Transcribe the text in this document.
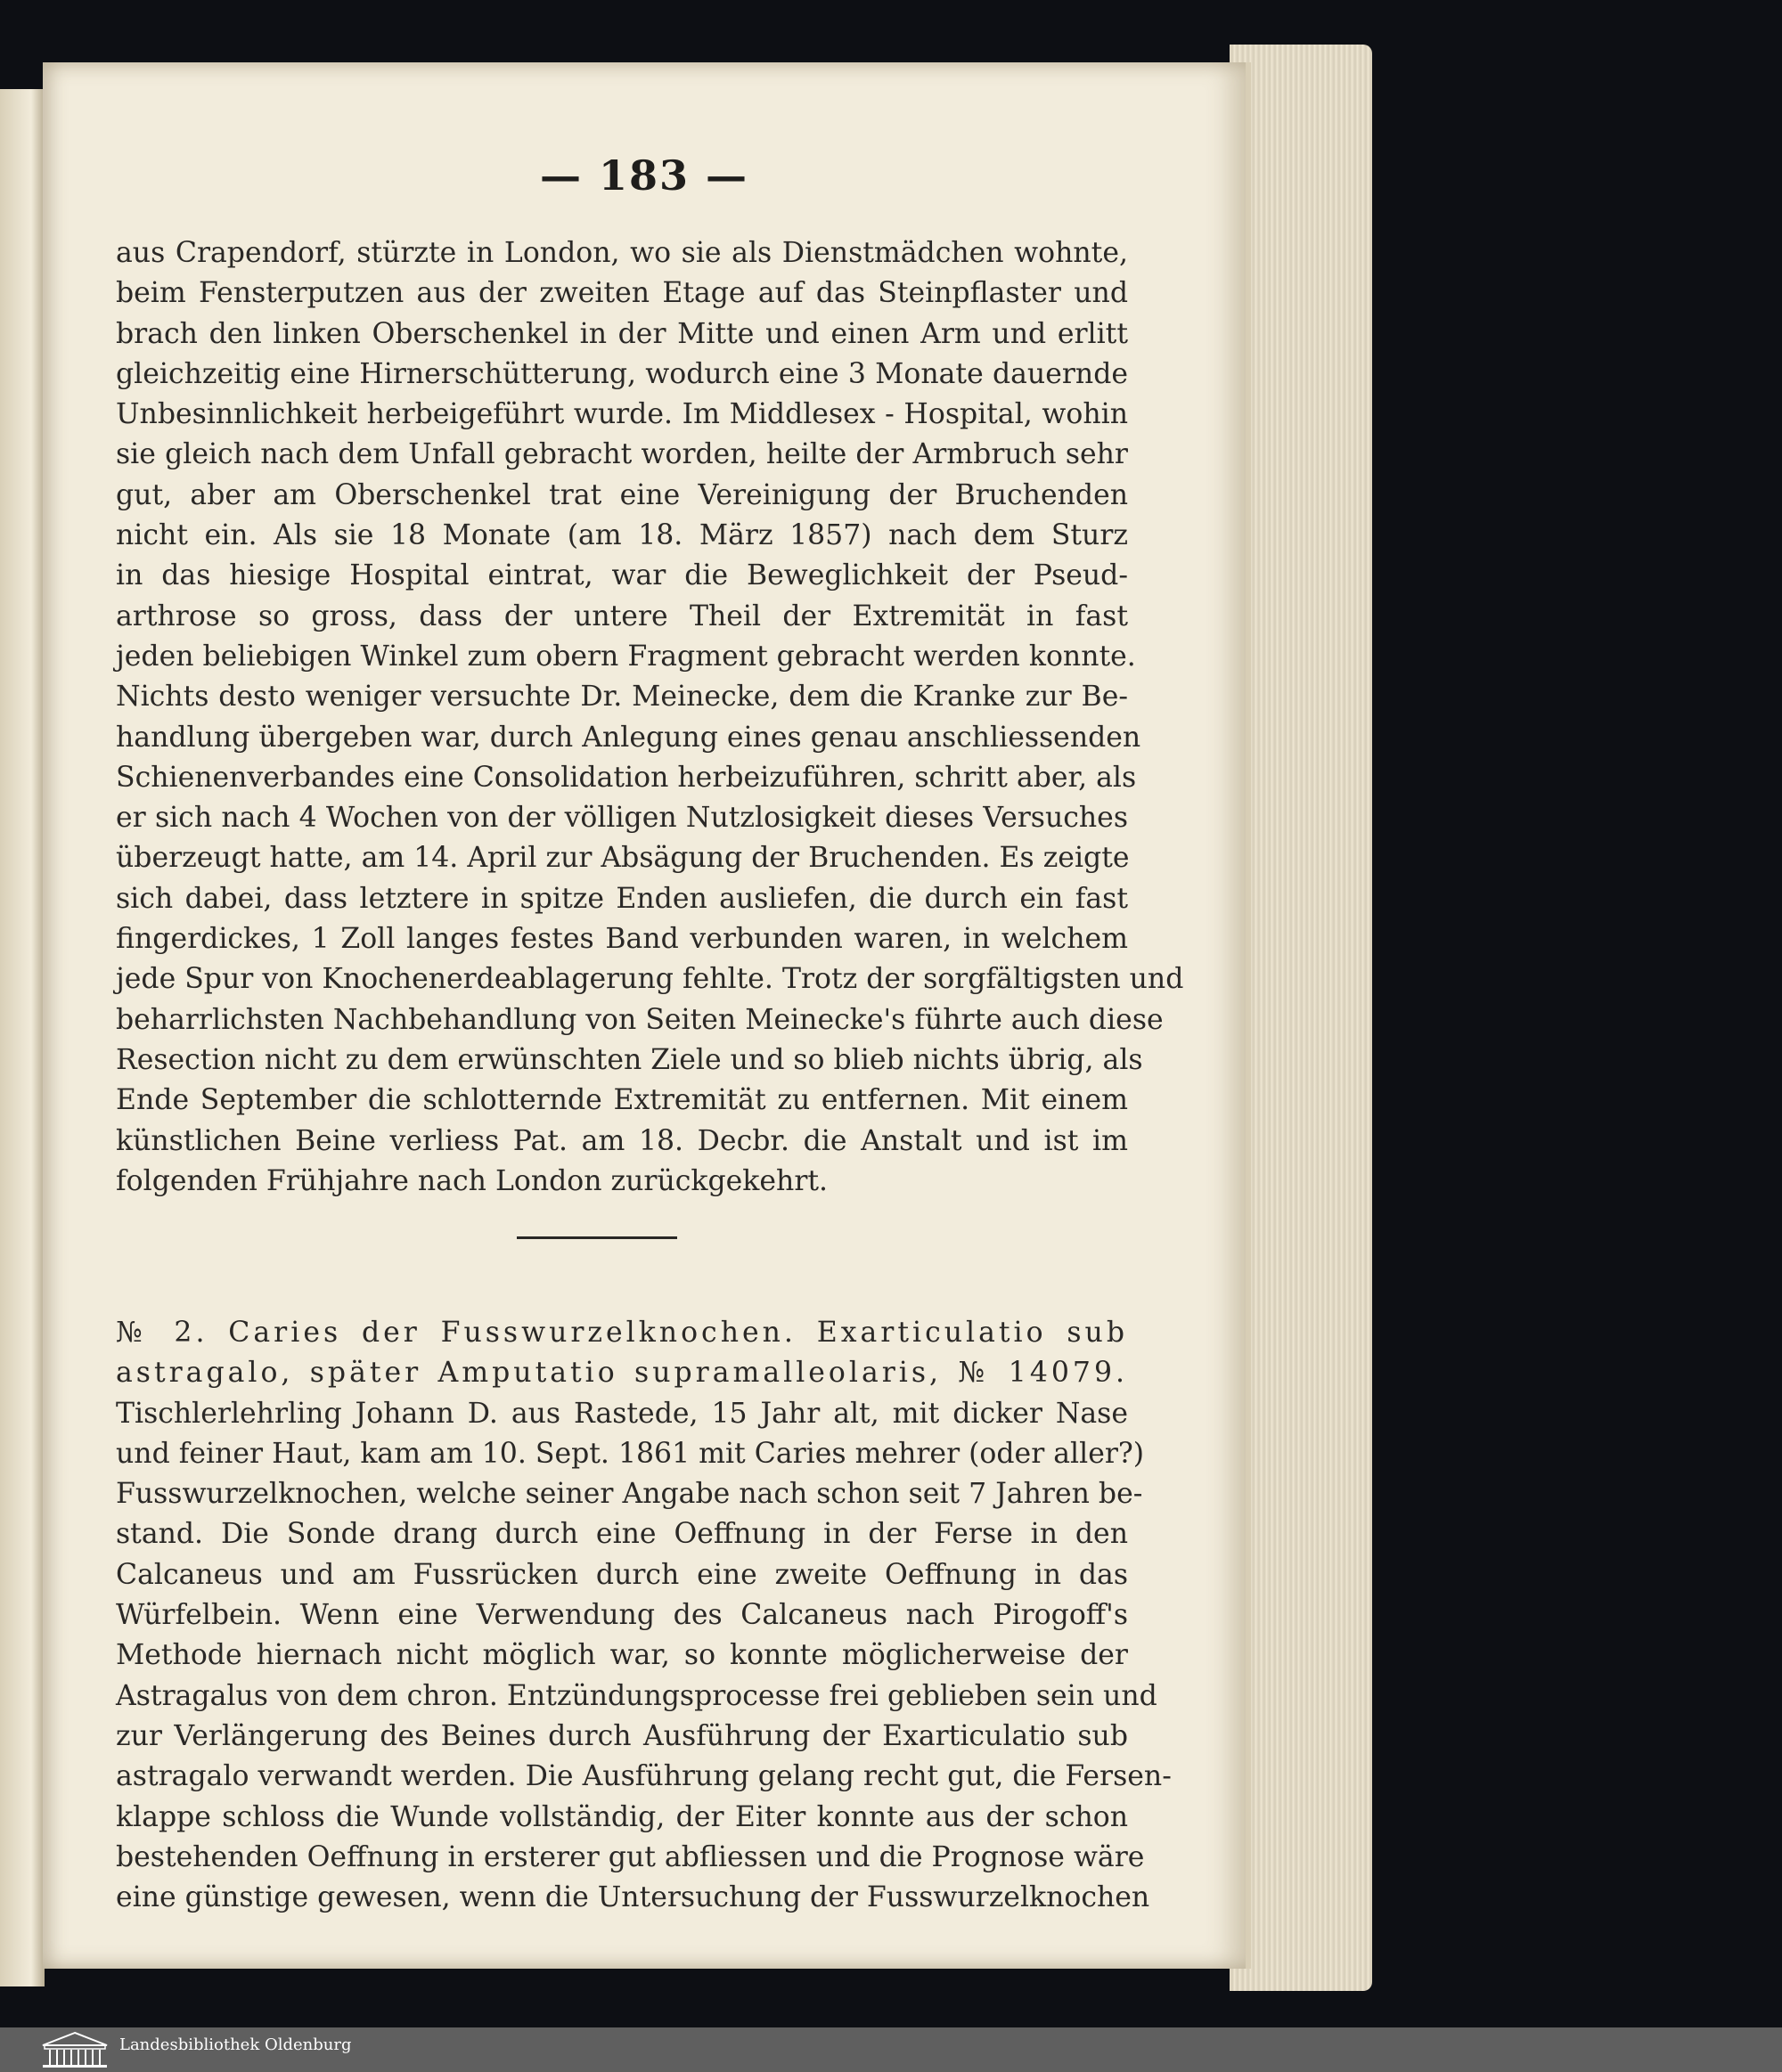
— 183 —
aus Crapendorf, stürzte in London, wo sie als Dienstmädchen wohnte,
beim Fensterputzen aus der zweiten Etage auf das Steinpflaster und
brach den linken Oberschenkel in der Mitte und einen Arm und erlitt
gleichzeitig eine Hirnerschütterung, wodurch eine 3 Monate dauernde
Unbesinnlichkeit herbeigeführt wurde. Im Middlesex - Hospital, wohin
sie gleich nach dem Unfall gebracht worden, heilte der Armbruch sehr
gut, aber am Oberschenkel trat eine Vereinigung der Bruchenden
nicht ein. Als sie 18 Monate (am 18. März 1857) nach dem Sturz
in das hiesige Hospital eintrat, war die Beweglichkeit der Pseud-
arthrose so gross, dass der untere Theil der Extremität in fast
jeden beliebigen Winkel zum obern Fragment gebracht werden konnte.
Nichts desto weniger versuchte Dr. Meinecke, dem die Kranke zur Be-
handlung übergeben war, durch Anlegung eines genau anschliessenden
Schienenverbandes eine Consolidation herbeizuführen, schritt aber, als
er sich nach 4 Wochen von der völligen Nutzlosigkeit dieses Versuches
überzeugt hatte, am 14. April zur Absägung der Bruchenden. Es zeigte
sich dabei, dass letztere in spitze Enden ausliefen, die durch ein fast
fingerdickes, 1 Zoll langes festes Band verbunden waren, in welchem
jede Spur von Knochenerdeablagerung fehlte. Trotz der sorgfältigsten und
beharrlichsten Nachbehandlung von Seiten Meinecke's führte auch diese
Resection nicht zu dem erwünschten Ziele und so blieb nichts übrig, als
Ende September die schlotternde Extremität zu entfernen. Mit einem
künstlichen Beine verliess Pat. am 18. Decbr. die Anstalt und ist im
folgenden Frühjahre nach London zurückgekehrt.
№ 2. Caries der Fusswurzelknochen. Exarticulatio sub
astragalo, später Amputatio supramalleolaris, № 14079.
Tischlerlehrling Johann D. aus Rastede, 15 Jahr alt, mit dicker Nase
und feiner Haut, kam am 10. Sept. 1861 mit Caries mehrer (oder aller?)
Fusswurzelknochen, welche seiner Angabe nach schon seit 7 Jahren be-
stand. Die Sonde drang durch eine Oeffnung in der Ferse in den
Calcaneus und am Fussrücken durch eine zweite Oeffnung in das
Würfelbein. Wenn eine Verwendung des Calcaneus nach Pirogoff's
Methode hiernach nicht möglich war, so konnte möglicherweise der
Astragalus von dem chron. Entzündungsprocesse frei geblieben sein und
zur Verlängerung des Beines durch Ausführung der Exarticulatio sub
astragalo verwandt werden. Die Ausführung gelang recht gut, die Fersen-
klappe schloss die Wunde vollständig, der Eiter konnte aus der schon
bestehenden Oeffnung in ersterer gut abfliessen und die Prognose wäre
eine günstige gewesen, wenn die Untersuchung der Fusswurzelknochen
Landesbibliothek Oldenburg
